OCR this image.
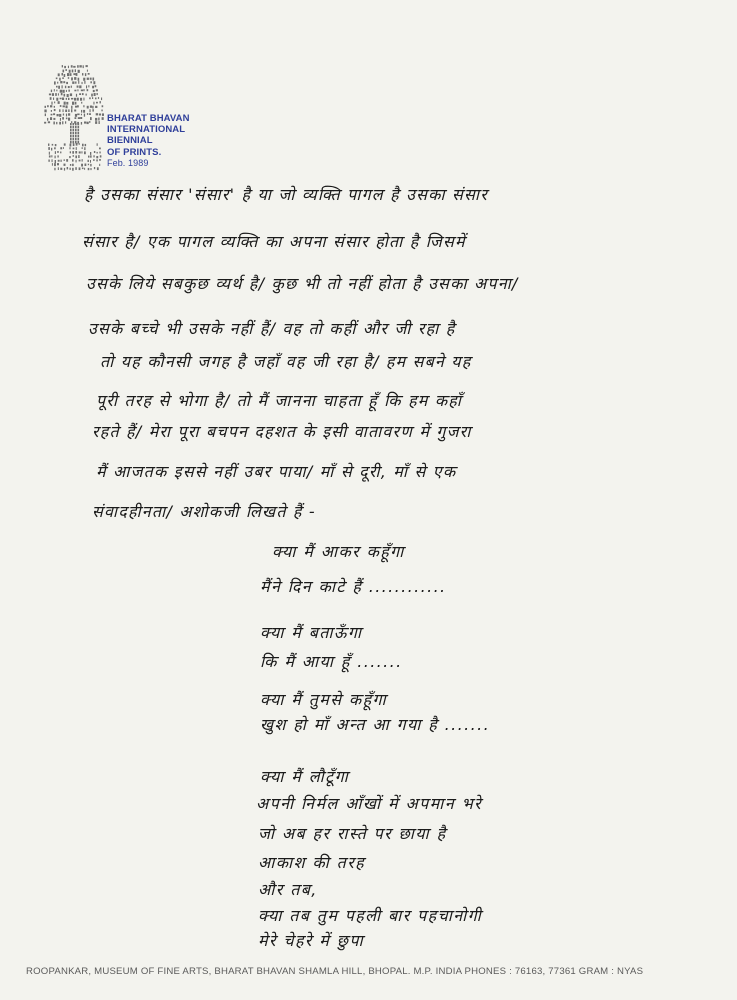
BHARAT BHAVAN
INTERNATIONAL
BIENNIAL
OF PRINTS.
Feb. 1989
है उसका संसार 'संसार' है या जो व्यक्ति पागल है उसका संसार
संसार है/ एक पागल व्यक्ति का अपना संसार होता है जिसमें
उसके लिये सबकुछ व्यर्थ है/ कुछ भी तो नहीं होता है उसका अपना/
उसके बच्चे भी उसके नहीं हैं/ वह तो कहीं और जी रहा है
तो यह कौनसी जगह है जहाँ वह जी रहा है/ हम सबने यह
पूरी तरह से भोगा है/ तो मैं जानना चाहता हूँ कि हम कहाँ
रहते हैं/ मेरा पूरा बचपन दहशत के इसी वातावरण में गुजरा
मैं आजतक इससे नहीं उबर पाया/ माँ से दूरी, माँ से एक
संवादहीनता/ अशोकजी लिखते हैं -
क्या मैं आकर कहूँगा
मैंने दिन काटे हैं ............
क्या मैं बताऊँगा
कि मैं आया हूँ .......
क्या मैं तुमसे कहूँगा
खुश हो माँ अन्त आ गया है .......
क्या मैं लौटूँगा
अपनी निर्मल आँखों में अपमान भरे
जो अब हर रास्ते पर छाया है
आकाश की तरह
और तब,
क्या तब तुम पहली बार पहचानोगी
मेरे चेहरे में छुपा
ROOPANKAR, MUSEUM OF FINE ARTS, BHARAT BHAVAN SHAMLA HILL, BHOPAL. M.P. INDIA PHONES : 76163, 77361 GRAM : NYAS
